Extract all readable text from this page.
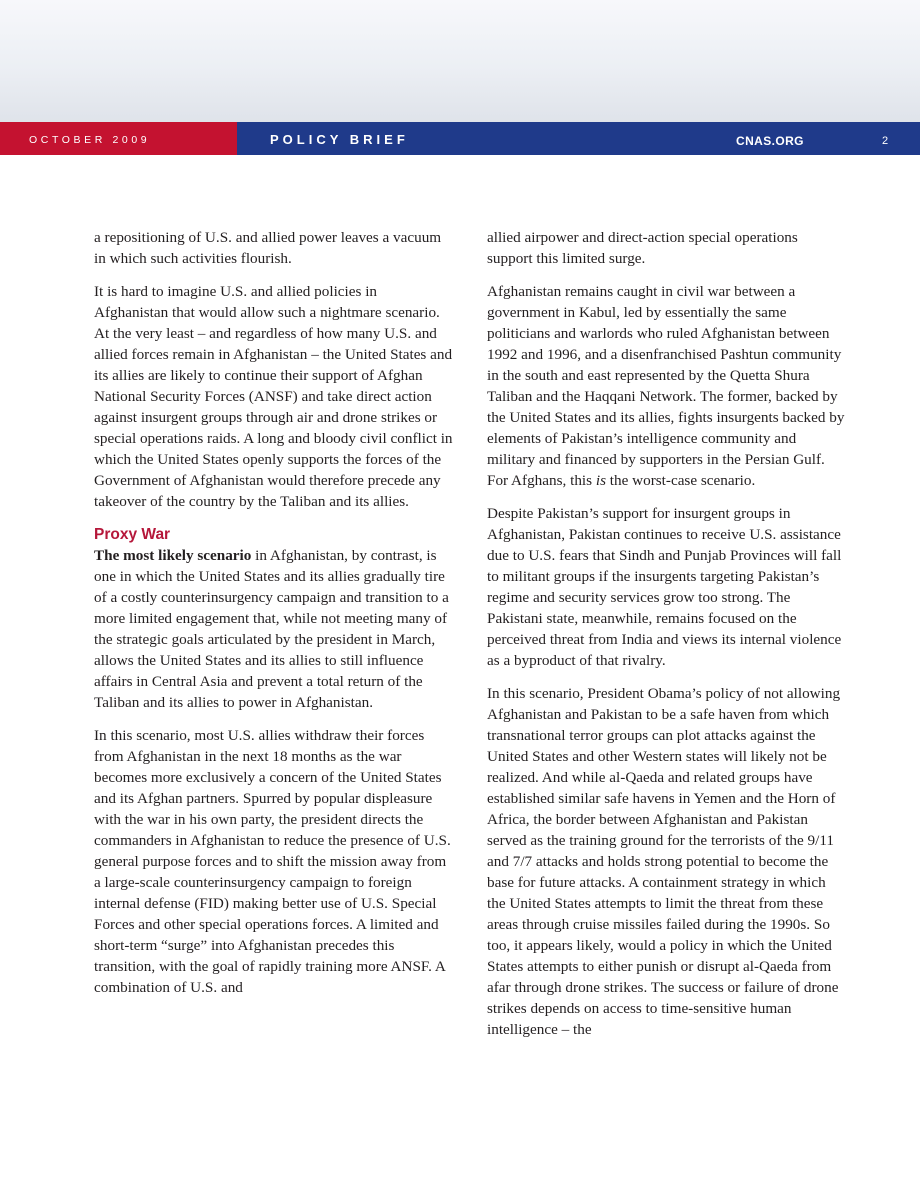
OCTOBER 2009	POLICY BRIEF	CNAS.ORG	2

a repositioning of U.S. and allied power leaves a vacuum in which such activities flourish.

It is hard to imagine U.S. and allied policies in Afghanistan that would allow such a nightmare scenario. At the very least – and regardless of how many U.S. and allied forces remain in Afghanistan – the United States and its allies are likely to continue their support of Afghan National Security Forces (ANSF) and take direct action against insurgent groups through air and drone strikes or special operations raids. A long and bloody civil conflict in which the United States openly supports the forces of the Government of Afghanistan would therefore precede any takeover of the country by the Taliban and its allies.

Proxy War

The most likely scenario in Afghanistan, by contrast, is one in which the United States and its allies gradually tire of a costly counterinsurgency campaign and transition to a more limited engagement that, while not meeting many of the strategic goals articulated by the president in March, allows the United States and its allies to still influence affairs in Central Asia and prevent a total return of the Taliban and its allies to power in Afghanistan.

In this scenario, most U.S. allies withdraw their forces from Afghanistan in the next 18 months as the war becomes more exclusively a concern of the United States and its Afghan partners. Spurred by popular displeasure with the war in his own party, the president directs the commanders in Afghanistan to reduce the presence of U.S. general purpose forces and to shift the mission away from a large-scale counterinsurgency campaign to foreign internal defense (FID) making better use of U.S. Special Forces and other special operations forces. A limited and short-term “surge” into Afghanistan precedes this transition, with the goal of rapidly training more ANSF. A combination of U.S. and

allied airpower and direct-action special operations support this limited surge.

Afghanistan remains caught in civil war between a government in Kabul, led by essentially the same politicians and warlords who ruled Afghanistan between 1992 and 1996, and a disenfranchised Pashtun community in the south and east represented by the Quetta Shura Taliban and the Haqqani Network. The former, backed by the United States and its allies, fights insurgents backed by elements of Pakistan’s intelligence community and military and financed by supporters in the Persian Gulf. For Afghans, this is the worst-case scenario.

Despite Pakistan’s support for insurgent groups in Afghanistan, Pakistan continues to receive U.S. assistance due to U.S. fears that Sindh and Punjab Provinces will fall to militant groups if the insurgents targeting Pakistan’s regime and security services grow too strong. The Pakistani state, meanwhile, remains focused on the perceived threat from India and views its internal violence as a byproduct of that rivalry.

In this scenario, President Obama’s policy of not allowing Afghanistan and Pakistan to be a safe haven from which transnational terror groups can plot attacks against the United States and other Western states will likely not be realized. And while al-Qaeda and related groups have established similar safe havens in Yemen and the Horn of Africa, the border between Afghanistan and Pakistan served as the training ground for the terrorists of the 9/11 and 7/7 attacks and holds strong potential to become the base for future attacks. A containment strategy in which the United States attempts to limit the threat from these areas through cruise missiles failed during the 1990s. So too, it appears likely, would a policy in which the United States attempts to either punish or disrupt al-Qaeda from afar through drone strikes. The success or failure of drone strikes depends on access to time-sensitive human intelligence – the
